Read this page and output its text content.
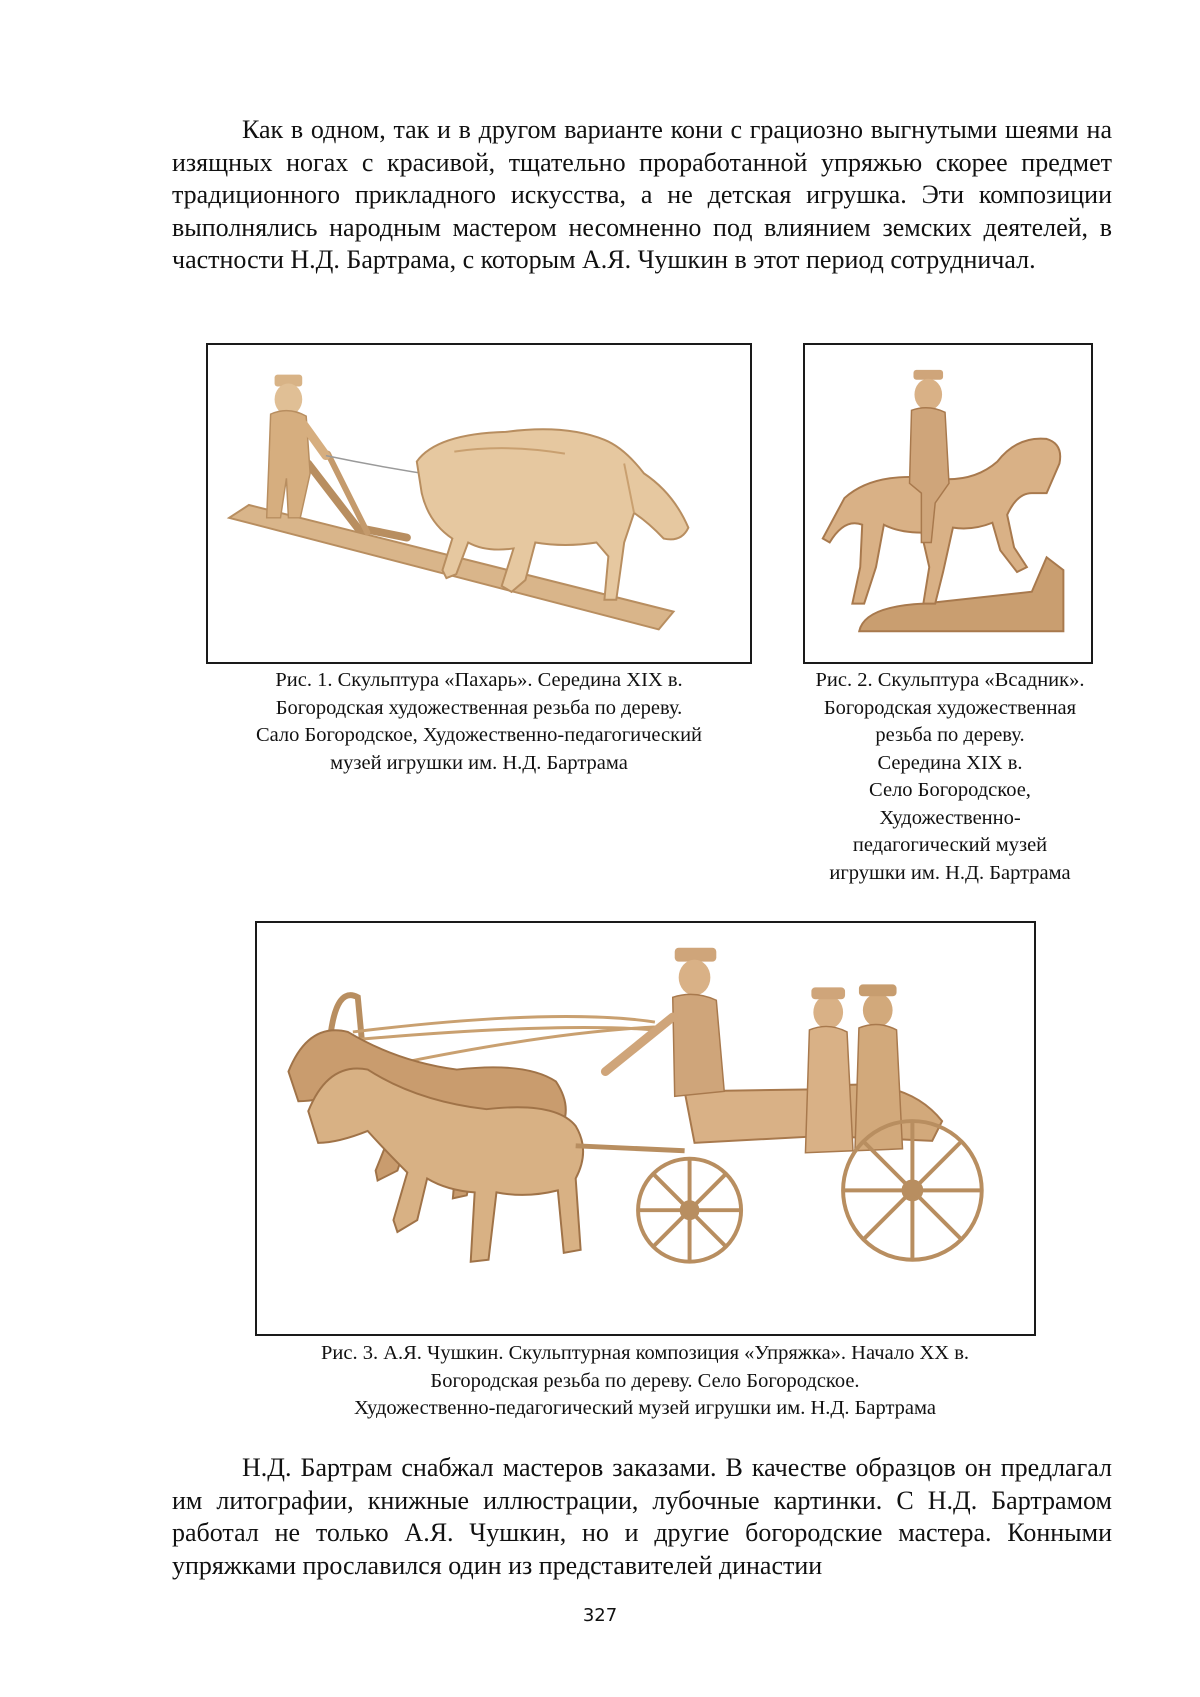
Как в одном, так и в другом варианте кони с грациозно выгнутыми шеями на изящных ногах с красивой, тщательно проработанной упряжью скорее предмет традиционного прикладного искусства, а не детская игрушка. Эти композиции выполнялись народным мастером несомненно под влиянием земских деятелей, в частности Н.Д. Бартрама, с которым А.Я. Чушкин в этот период сотрудничал.

Рис. 1. Скульптура «Пахарь». Середина XIX в.
Богородская художественная резьба по дереву.
Сало Богородское, Художественно-педагогический
музей игрушки им. Н.Д. Бартрама
Рис. 2. Скульптура «Всадник».
Богородская художественная
резьба по дереву.
Середина XIX в.
Село Богородское,
Художественно-
педагогический музей
игрушки им. Н.Д. Бартрама
Рис. 3. А.Я. Чушкин. Скульптурная композиция «Упряжка». Начало XX в.
Богородская резьба по дереву. Село Богородское.
Художественно-педагогический музей игрушки им. Н.Д. Бартрама

Н.Д. Бартрам снабжал мастеров заказами. В качестве образцов он предлагал им литографии, книжные иллюстрации, лубочные картинки. С Н.Д. Бартрамом работал не только А.Я. Чушкин, но и другие богородские мастера. Конными упряжками прославился один из представителей династии

327
